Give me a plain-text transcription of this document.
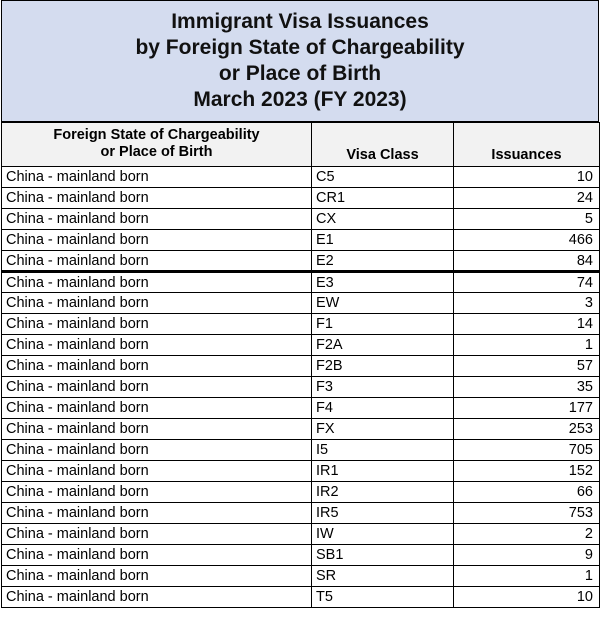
Immigrant Visa Issuances
by Foreign State of Chargeability
or Place of Birth
March 2023 (FY 2023)
Foreign State of Chargeability
or Place of Birth	Visa Class	Issuances
China - mainland born	C5	10
China - mainland born	CR1	24
China - mainland born	CX	5
China - mainland born	E1	466
China - mainland born	E2	84
China - mainland born	E3	74
China - mainland born	EW	3
China - mainland born	F1	14
China - mainland born	F2A	1
China - mainland born	F2B	57
China - mainland born	F3	35
China - mainland born	F4	177
China - mainland born	FX	253
China - mainland born	I5	705
China - mainland born	IR1	152
China - mainland born	IR2	66
China - mainland born	IR5	753
China - mainland born	IW	2
China - mainland born	SB1	9
China - mainland born	SR	1
China - mainland born	T5	10
